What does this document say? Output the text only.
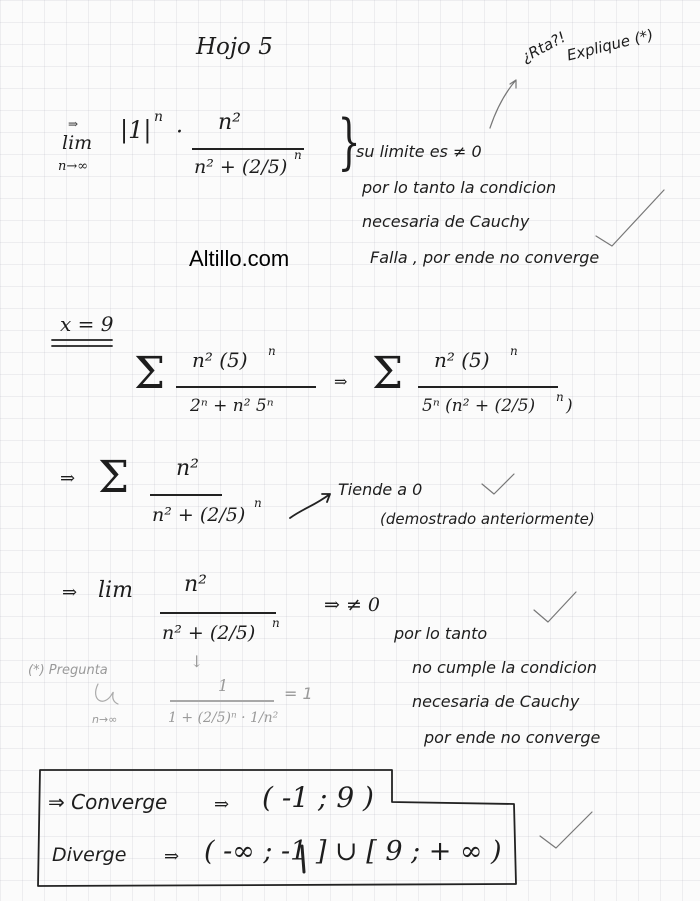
Hojo 5	¿Rta?!
Explique (*)
⇒
lim
n→∞
|1| n
· n²
n² + (2/5)
n }
su limite es ≠ 0
por lo tanto la condicion
necesaria de Cauchy
Falla , por ende no converge
Altillo.com
x = 9
Σ n² (5) n
2ⁿ + n² 5ⁿ
⇒ Σ n² (5) n
5ⁿ (n² + (2/5) n )
⇒ Σ n²
n² + (2/5)
n
Tiende a 0
(demostrado anteriormente)
⇒ lim n²
n² + (2/5) n
⇒ ≠ 0
por lo tanto
no cumple la condicion
necesaria de Cauchy
por ende no converge
(*) Pregunta
n→∞
↓
1
1 + (2/5)ⁿ · 1/n²
= 1
⇒ Converge	⇒ ( -1 ; 9 )
Diverge ⇒ ( -∞ ; -1 ] ∪ [ 9 ; + ∞ )
